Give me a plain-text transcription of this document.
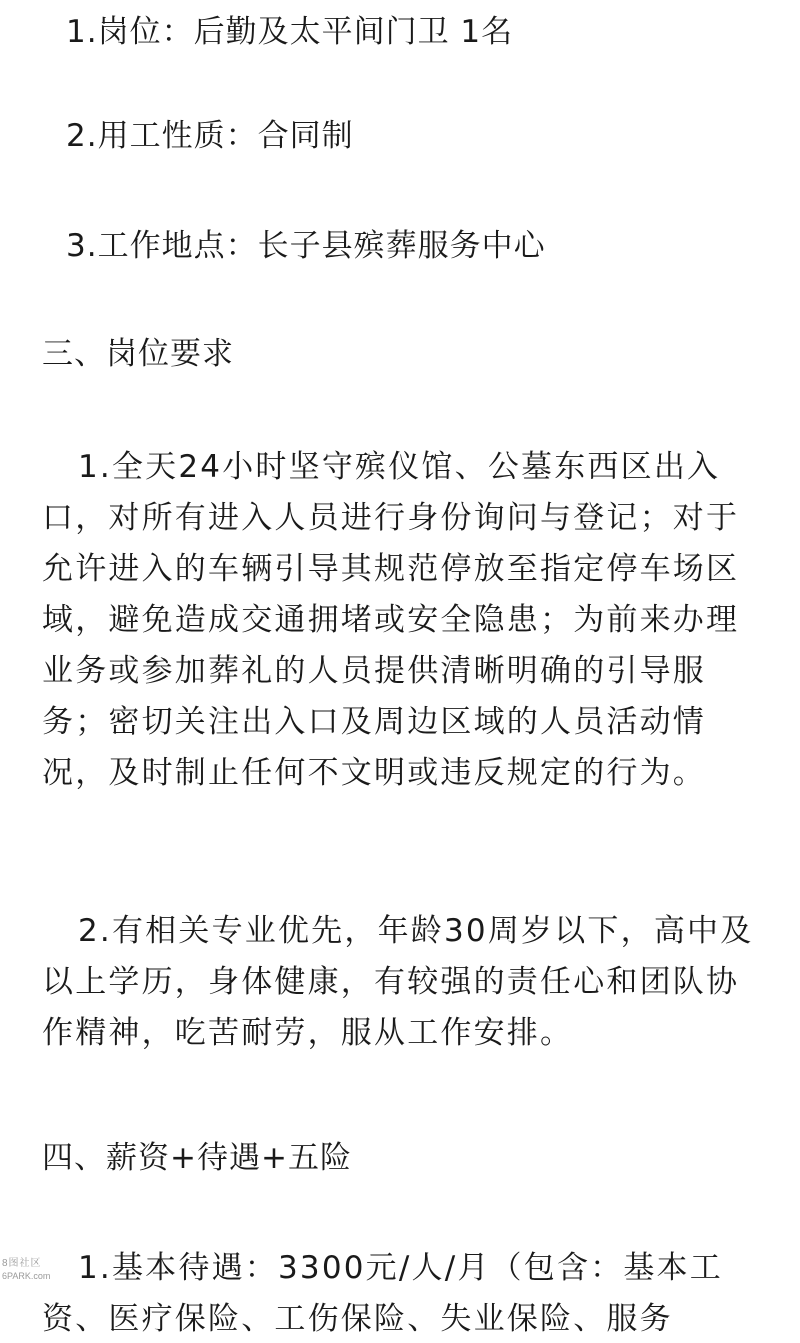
1.岗位：后勤及太平间门卫 1名
2.用工性质：合同制
3.工作地点：长子县殡葬服务中心
三、岗位要求
1.全天24小时坚守殡仪馆、公墓东西区出入口，对所有进入人员进行身份询问与登记；对于允许进入的车辆引导其规范停放至指定停车场区域，避免造成交通拥堵或安全隐患；为前来办理业务或参加葬礼的人员提供清晰明确的引导服务；密切关注出入口及周边区域的人员活动情况，及时制止任何不文明或违反规定的行为。
2.有相关专业优先，年龄30周岁以下，高中及以上学历，身体健康，有较强的责任心和团队协作精神，吃苦耐劳，服从工作安排。
四、薪资+待遇+五险
1.基本待遇：3300元/人/月（包含：基本工资、医疗保险、工伤保险、失业保险、服务
8图社区
6PARK.com
